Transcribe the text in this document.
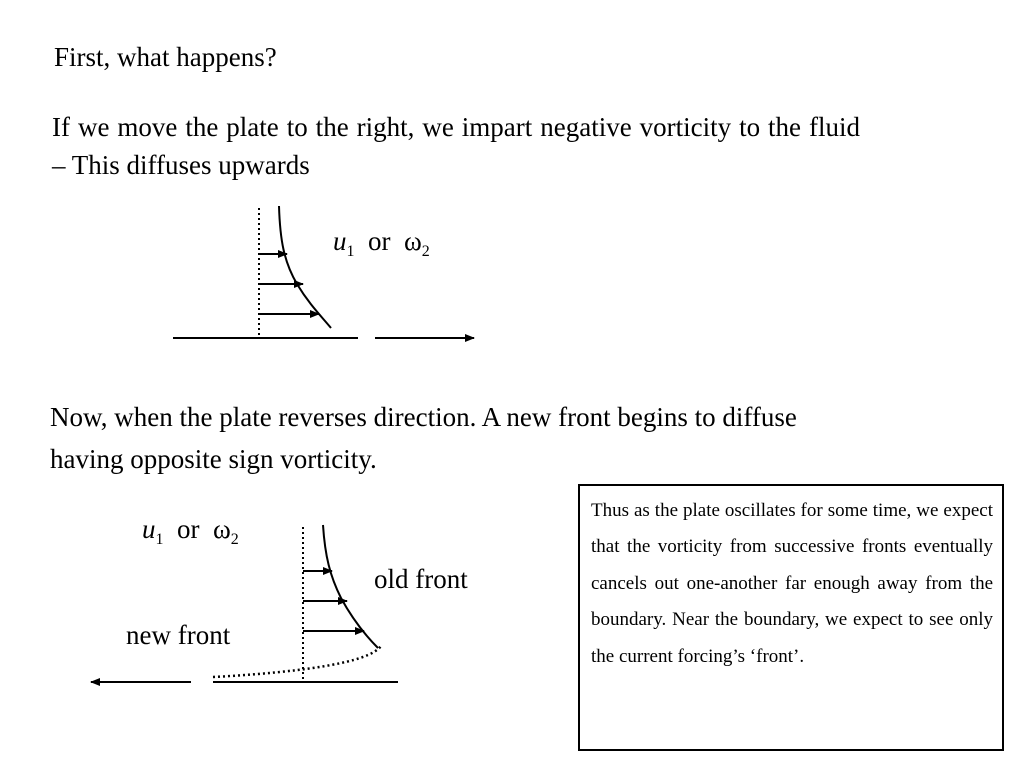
First, what happens?
If we move the plate to the right, we impart negative vorticity to the fluid – This diffuses upwards
Now, when the plate reverses direction. A new front begins to diffuse having opposite sign vorticity.
$u_1$ or $\omega_2$
$u_1$ or $\omega_2$
old front
new front
Thus as the plate oscillates for some time, we expect that the vorticity from successive fronts eventually cancels out one-another far enough away from the boundary. Near the boundary, we expect to see only the current forcing’s ‘front’.
